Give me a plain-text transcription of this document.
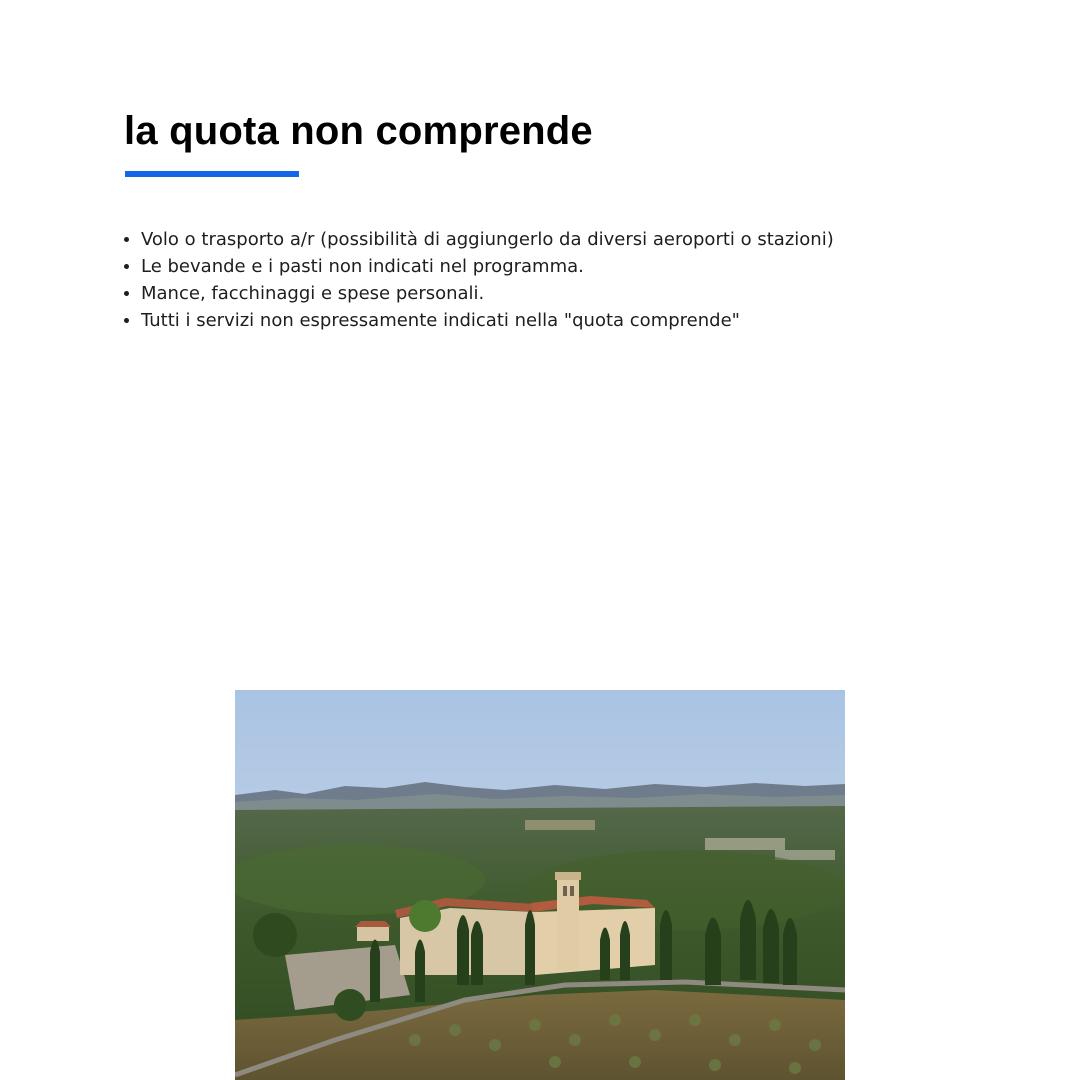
la quota non comprende
Volo o trasporto a/r (possibilità di aggiungerlo da diversi aeroporti o stazioni)
Le bevande e i pasti non indicati nel programma.
Mance, facchinaggi e spese personali.
Tutti i servizi non espressamente indicati nella "quota comprende"
